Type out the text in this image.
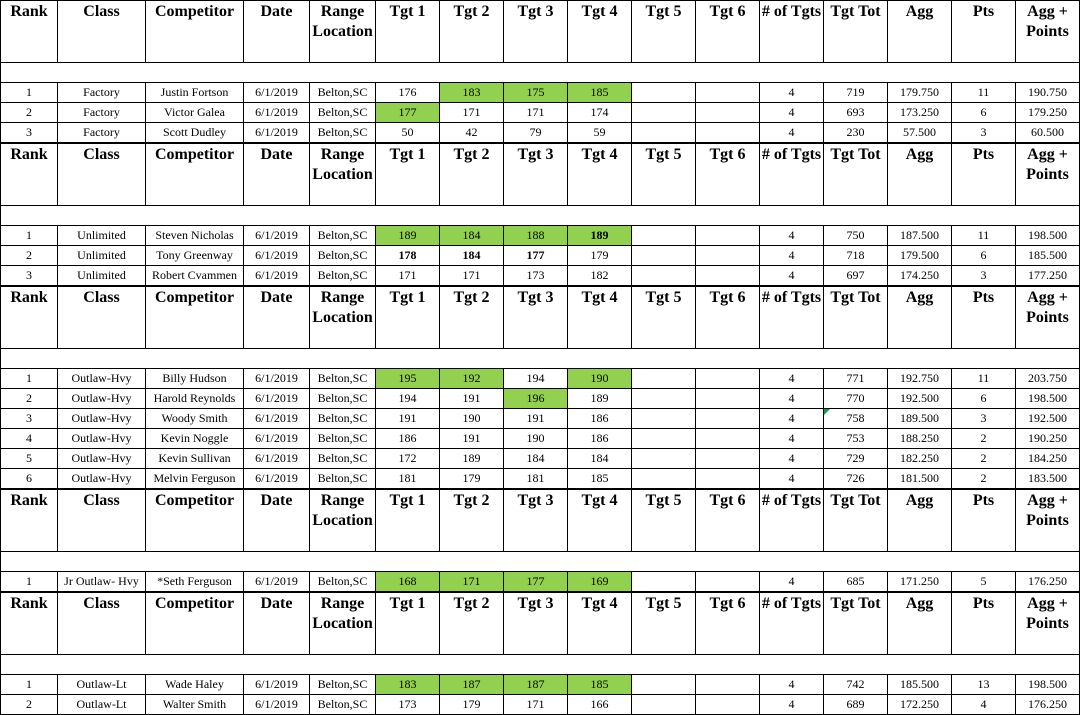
Rank	Class	Competitor	Date	Range
Location	Tgt 1	Tgt 2	Tgt 3	Tgt 4	Tgt 5	Tgt 6	# of Tgts	Tgt Tot	Agg	Pts	Agg +
Points

1	Factory	Justin Fortson	6/1/2019	Belton,SC	176	183	175	185			4	719	179.750	11	190.750
2	Factory	Victor Galea	6/1/2019	Belton,SC	177	171	171	174			4	693	173.250	6	179.250
3	Factory	Scott Dudley	6/1/2019	Belton,SC	50	42	79	59			4	230	57.500	3	60.500
Rank	Class	Competitor	Date	Range
Location	Tgt 1	Tgt 2	Tgt 3	Tgt 4	Tgt 5	Tgt 6	# of Tgts	Tgt Tot	Agg	Pts	Agg +
Points

1	Unlimited	Steven Nicholas	6/1/2019	Belton,SC	189	184	188	189			4	750	187.500	11	198.500
2	Unlimited	Tony Greenway	6/1/2019	Belton,SC	178	184	177	179			4	718	179.500	6	185.500
3	Unlimited	Robert Cvammen	6/1/2019	Belton,SC	171	171	173	182			4	697	174.250	3	177.250
Rank	Class	Competitor	Date	Range
Location	Tgt 1	Tgt 2	Tgt 3	Tgt 4	Tgt 5	Tgt 6	# of Tgts	Tgt Tot	Agg	Pts	Agg +
Points

1	Outlaw-Hvy	Billy Hudson	6/1/2019	Belton,SC	195	192	194	190			4	771	192.750	11	203.750
2	Outlaw-Hvy	Harold Reynolds	6/1/2019	Belton,SC	194	191	196	189			4	770	192.500	6	198.500
3	Outlaw-Hvy	Woody Smith	6/1/2019	Belton,SC	191	190	191	186			4	758	189.500	3	192.500
4	Outlaw-Hvy	Kevin Noggle	6/1/2019	Belton,SC	186	191	190	186			4	753	188.250	2	190.250
5	Outlaw-Hvy	Kevin Sullivan	6/1/2019	Belton,SC	172	189	184	184			4	729	182.250	2	184.250
6	Outlaw-Hvy	Melvin Ferguson	6/1/2019	Belton,SC	181	179	181	185			4	726	181.500	2	183.500
Rank	Class	Competitor	Date	Range
Location	Tgt 1	Tgt 2	Tgt 3	Tgt 4	Tgt 5	Tgt 6	# of Tgts	Tgt Tot	Agg	Pts	Agg +
Points

1	Jr Outlaw- Hvy	*Seth Ferguson	6/1/2019	Belton,SC	168	171	177	169			4	685	171.250	5	176.250
Rank	Class	Competitor	Date	Range
Location	Tgt 1	Tgt 2	Tgt 3	Tgt 4	Tgt 5	Tgt 6	# of Tgts	Tgt Tot	Agg	Pts	Agg +
Points

1	Outlaw-Lt	Wade Haley	6/1/2019	Belton,SC	183	187	187	185			4	742	185.500	13	198.500
2	Outlaw-Lt	Walter Smith	6/1/2019	Belton,SC	173	179	171	166			4	689	172.250	4	176.250
